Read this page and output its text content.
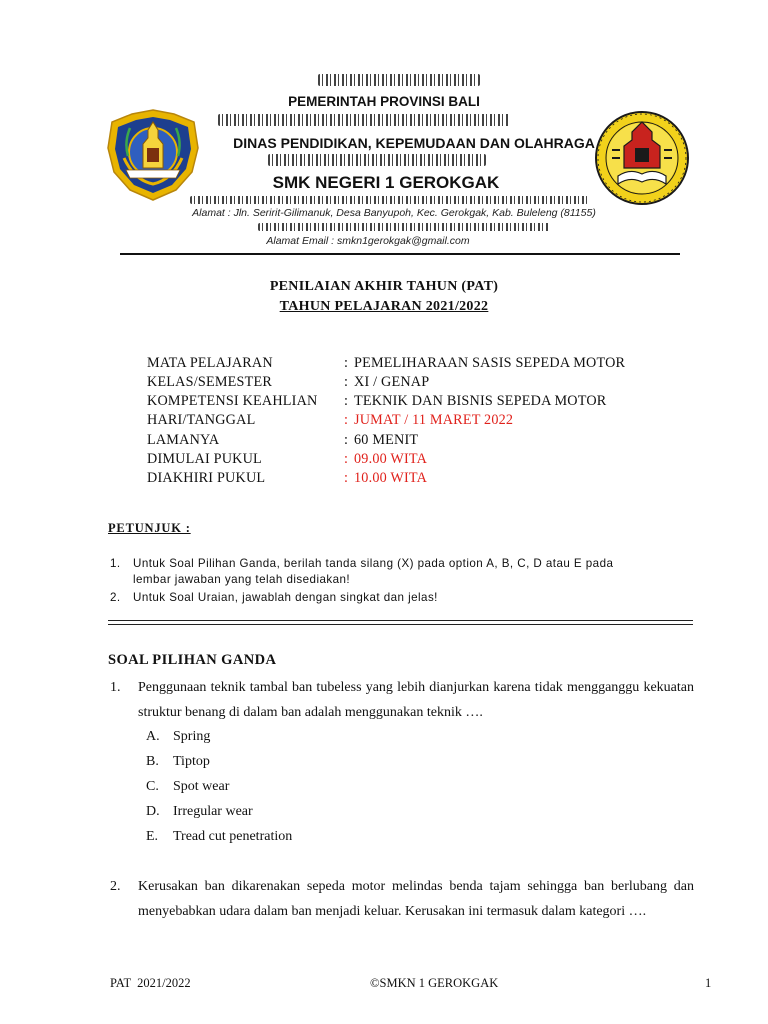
PEMERINTAH PROVINSI BALI
DINAS PENDIDIKAN, KEPEMUDAAN DAN OLAHRAGA
SMK NEGERI 1 GEROKGAK
Alamat : Jln. Seririt-Gilimanuk, Desa Banyupoh, Kec. Gerokgak, Kab. Buleleng (81155)
Alamat Email : smkn1gerokgak@gmail.com
PENILAIAN AKHIR TAHUN (PAT)
TAHUN PELAJARAN 2021/2022
MATA PELAJARAN	: PEMELIHARAAN SASIS SEPEDA MOTOR
KELAS/SEMESTER	: XI / GENAP
KOMPETENSI KEAHLIAN : TEKNIK DAN BISNIS SEPEDA MOTOR
HARI/TANGGAL	: JUMAT / 11 MARET 2022
LAMANYA	: 60 MENIT
DIMULAI PUKUL	: 09.00 WITA
DIAKHIRI PUKUL	: 10.00 WITA
PETUNJUK :
1. Untuk Soal Pilihan Ganda, berilah tanda silang (X) pada option A, B, C, D atau E pada
lembar jawaban yang telah disediakan!
2. Untuk Soal Uraian, jawablah dengan singkat dan jelas!
SOAL PILIHAN GANDA
1. Penggunaan teknik tambal ban tubeless yang lebih dianjurkan karena tidak mengganggu kekuatan struktur benang di dalam ban adalah menggunakan teknik ….
A. Spring
B. Tiptop
C. Spot wear
D. Irregular wear
E. Tread cut penetration
2. Kerusakan ban dikarenakan sepeda motor melindas benda tajam sehingga ban berlubang dan menyebabkan udara dalam ban menjadi keluar. Kerusakan ini termasuk dalam kategori ….
PAT  2021/2022	©SMKN 1 GEROKGAK	1
